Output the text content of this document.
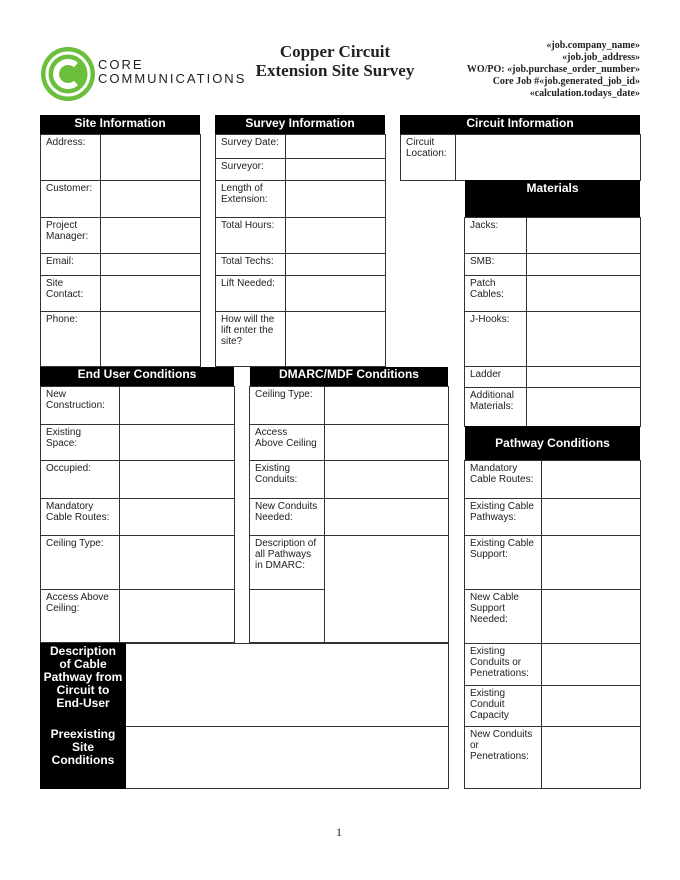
CORE
COMMUNICATIONS
Copper Circuit
Extension Site Survey
«job.company_name»
«job.job_address»
WO/PO: «job.purchase_order_number»
Core Job #«job.generated_job_id»
«calculation.todays_date»
Site Information
Address:
Customer:
Project
Manager:
Email:
Site
Contact:
Phone:
Survey Information
Survey Date:
Surveyor:
Length of
Extension:
Total Hours:
Total Techs:
Lift Needed:
How will the
lift enter the
site?
Circuit Information
Circuit
Location:
Materials
Jacks:
SMB:
Patch
Cables:
J-Hooks:
Ladder
Additional
Materials:
End User Conditions
New
Construction:
Existing
Space:
Occupied:
Mandatory
Cable Routes:
Ceiling Type:
Access Above
Ceiling:
DMARC/MDF Conditions
Ceiling Type:
Access
Above Ceiling
Existing
Conduits:
New Conduits
Needed:
Description of
all Pathways
in DMARC:
Pathway Conditions
Mandatory
Cable Routes:
Existing Cable
Pathways:
Existing Cable
Support:
New Cable
Support
Needed:
Existing
Conduits or
Penetrations:
Existing
Conduit
Capacity
New Conduits
or
Penetrations:
Description
of Cable
Pathway from
Circuit to
End-User
Preexisting
Site
Conditions
1
